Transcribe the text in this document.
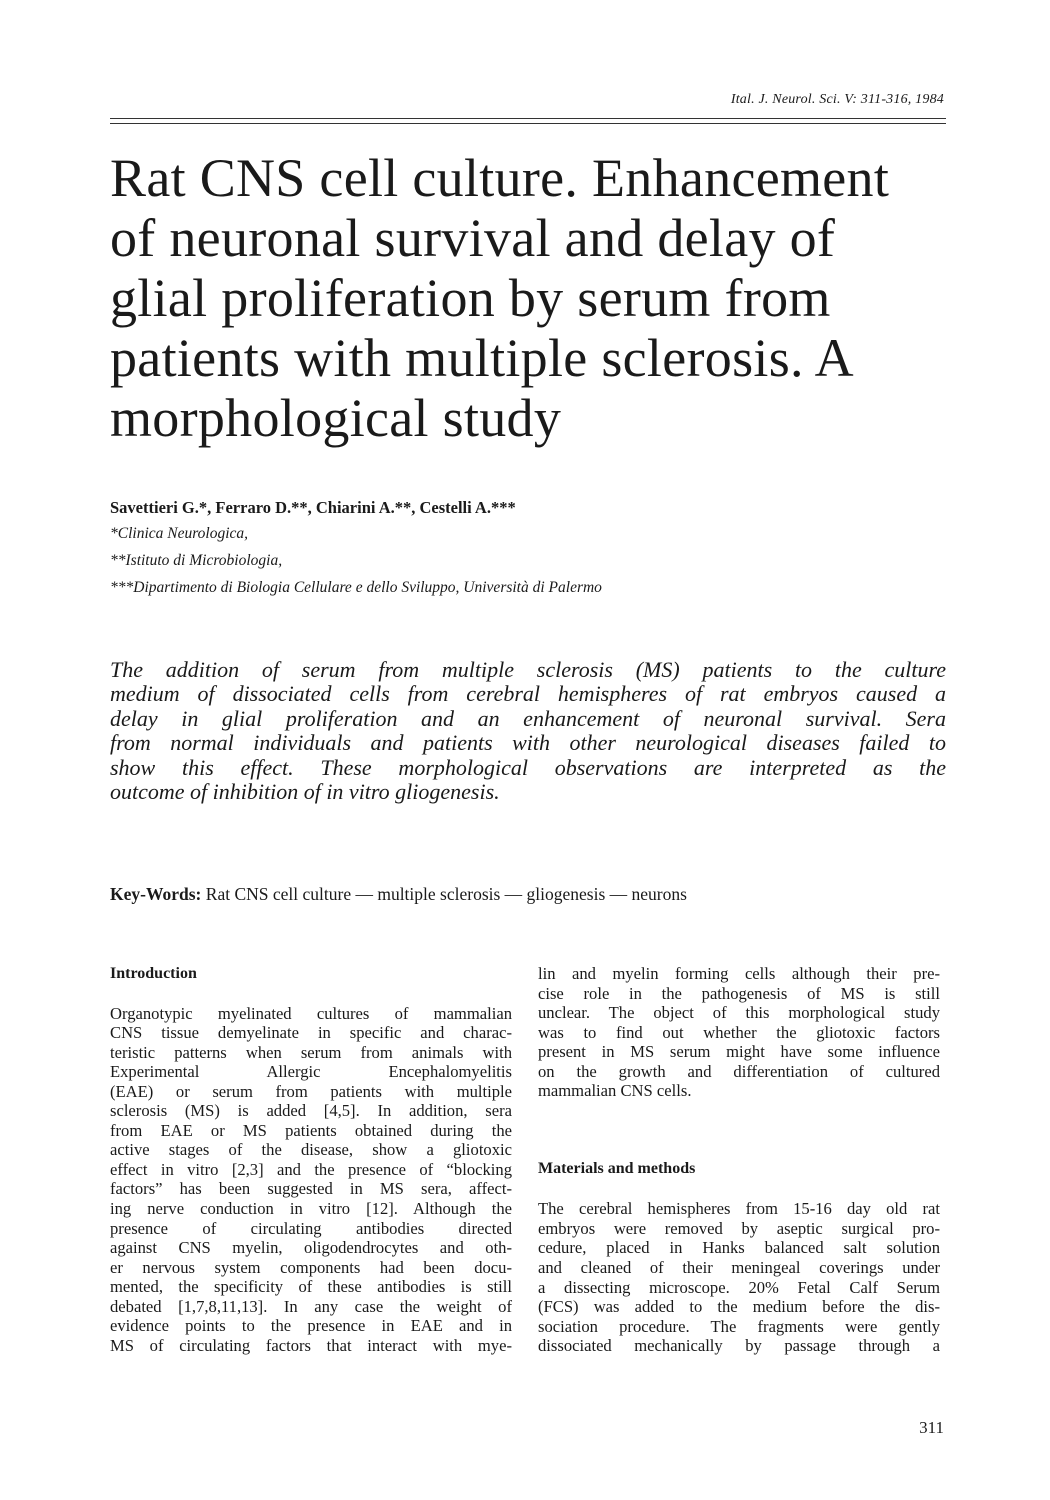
Ital. J. Neurol. Sci. V: 311-316, 1984
Rat CNS cell culture. Enhancement
of neuronal survival and delay of
glial proliferation by serum from
patients with multiple sclerosis. A
morphological study
Savettieri G.*, Ferraro D.**, Chiarini A.**, Cestelli A.***
*Clinica Neurologica,
**Istituto di Microbiologia,
***Dipartimento di Biologia Cellulare e dello Sviluppo, Università di Palermo
The addition of serum from multiple sclerosis (MS) patients to the culture
medium of dissociated cells from cerebral hemispheres of rat embryos caused a
delay in glial proliferation and an enhancement of neuronal survival. Sera
from normal individuals and patients with other neurological diseases failed to
show this effect. These morphological observations are interpreted as the
outcome of inhibition of in vitro gliogenesis.
Key-Words: Rat CNS cell culture — multiple sclerosis — gliogenesis — neurons
Introduction
Organotypic myelinated cultures of mammalian
CNS tissue demyelinate in specific and charac-
teristic patterns when serum from animals with
Experimental Allergic Encephalomyelitis
(EAE) or serum from patients with multiple
sclerosis (MS) is added [4,5]. In addition, sera
from EAE or MS patients obtained during the
active stages of the disease, show a gliotoxic
effect in vitro [2,3] and the presence of “blocking
factors” has been suggested in MS sera, affect-
ing nerve conduction in vitro [12]. Although the
presence of circulating antibodies directed
against CNS myelin, oligodendrocytes and oth-
er nervous system components had been docu-
mented, the specificity of these antibodies is still
debated [1,7,8,11,13]. In any case the weight of
evidence points to the presence in EAE and in
MS of circulating factors that interact with mye-
lin and myelin forming cells although their pre-
cise role in the pathogenesis of MS is still
unclear. The object of this morphological study
was to find out whether the gliotoxic factors
present in MS serum might have some influence
on the growth and differentiation of cultured
mammalian CNS cells.
Materials and methods
The cerebral hemispheres from 15-16 day old rat
embryos were removed by aseptic surgical pro-
cedure, placed in Hanks balanced salt solution
and cleaned of their meningeal coverings under
a dissecting microscope. 20% Fetal Calf Serum
(FCS) was added to the medium before the dis-
sociation procedure. The fragments were gently
dissociated mechanically by passage through a
311
